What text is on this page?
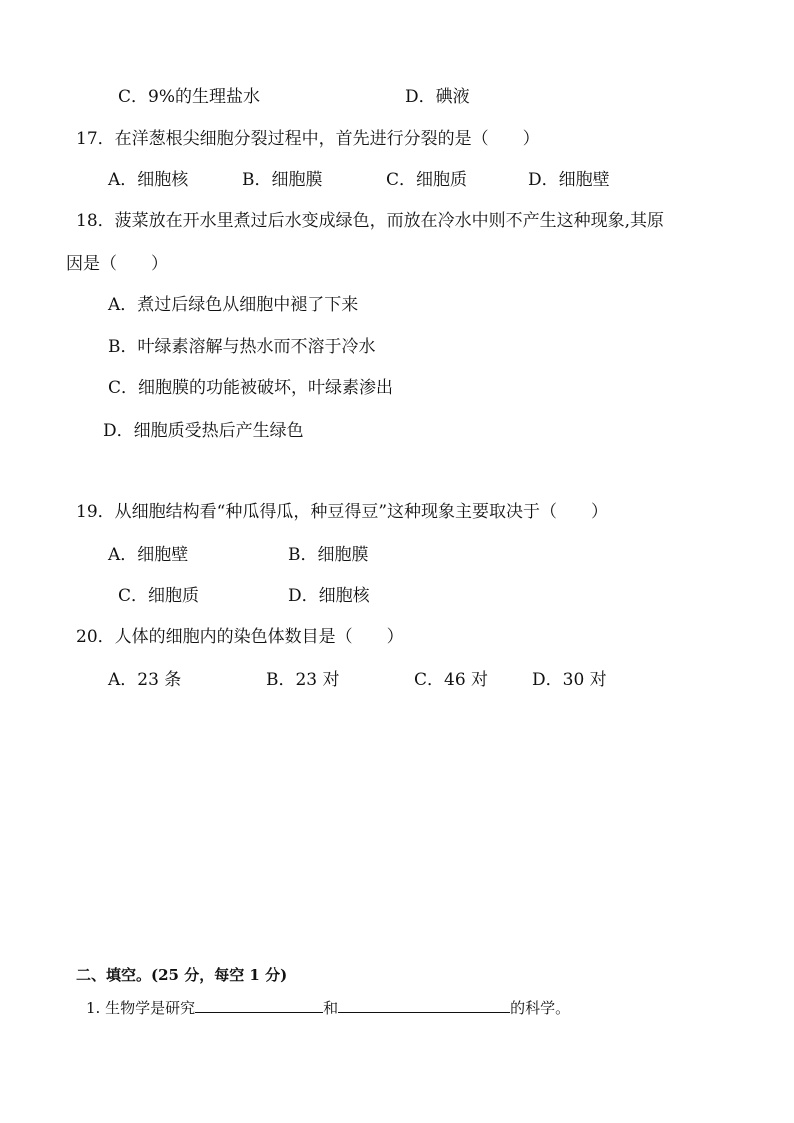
C．9%的生理盐水	D．碘液
17．在洋葱根尖细胞分裂过程中，首先进行分裂的是（　　）
A．细胞核	B．细胞膜	C．细胞质	D．细胞壁
18．菠菜放在开水里煮过后水变成绿色，而放在冷水中则不产生这种现象,其原
因是（　　）
A．煮过后绿色从细胞中褪了下来
B．叶绿素溶解与热水而不溶于冷水
C．细胞膜的功能被破坏，叶绿素渗出
D．细胞质受热后产生绿色
19．从细胞结构看“种瓜得瓜，种豆得豆”这种现象主要取决于（　　）
A．细胞壁	B．细胞膜
C．细胞质	D．细胞核
20．人体的细胞内的染色体数目是（　　）
A．23 条	B．23 对	C．46 对	D．30 对
二、填空。(25 分，每空 1 分)
1. 生物学是研究	和	的科学。
